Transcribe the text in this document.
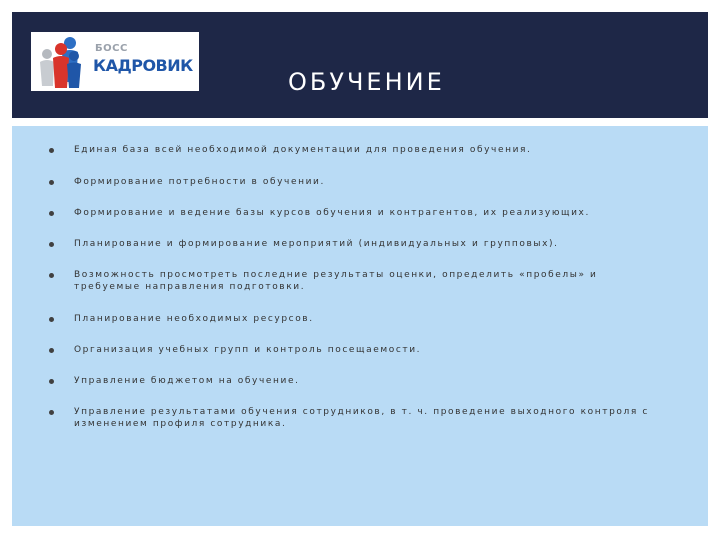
БОСС
КАДРОВИК
ОБУЧЕНИЕ
Единая база всей необходимой документации для проведения обучения.
Формирование потребности в обучении.
Формирование и ведение базы курсов обучения и контрагентов, их реализующих.
Планирование и формирование мероприятий (индивидуальных и групповых).
Возможность просмотреть последние результаты оценки, определить «пробелы» и требуемые направления подготовки.
Планирование необходимых ресурсов.
Организация учебных групп и контроль посещаемости.
Управление бюджетом на обучение.
Управление результатами обучения сотрудников, в т. ч. проведение выходного контроля с изменением профиля сотрудника.
